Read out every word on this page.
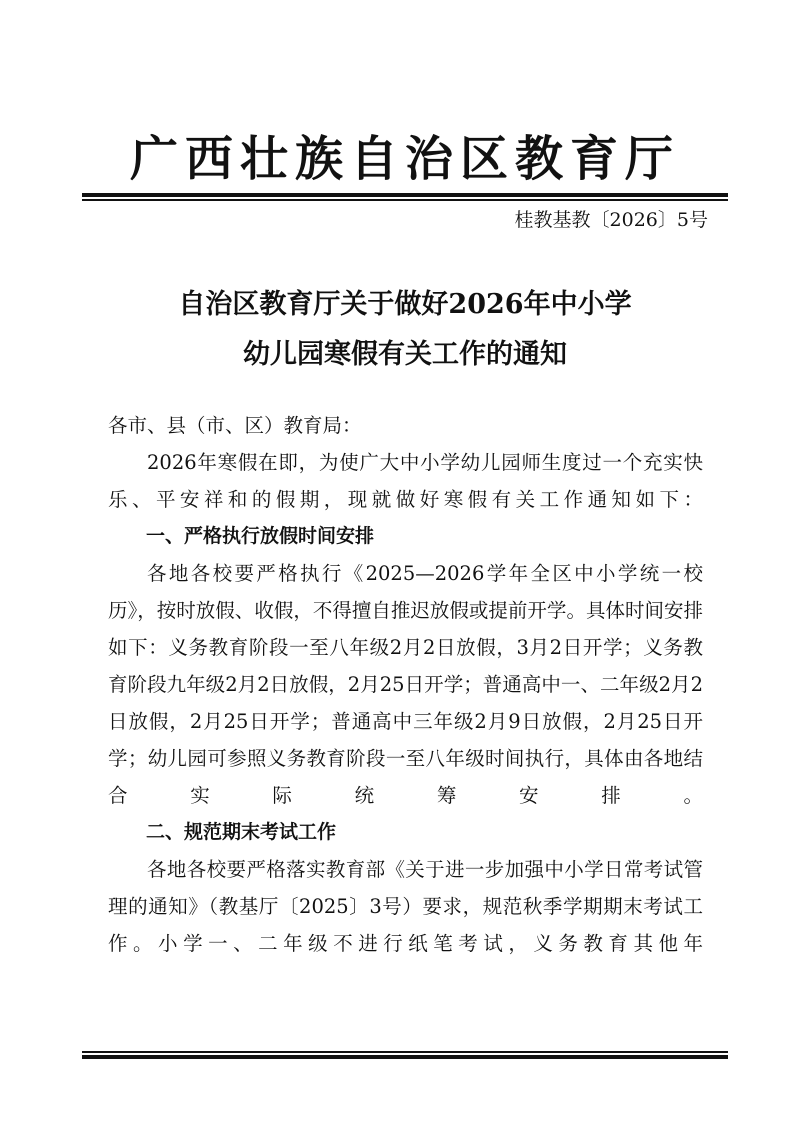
广西壮族自治区教育厅
桂教基教〔2026〕5号
自治区教育厅关于做好2026年中小学
幼儿园寒假有关工作的通知

各市、县（市、区）教育局：

2026年寒假在即，为使广大中小学幼儿园师生度过一个充实快乐、平安祥和的假期，现就做好寒假有关工作通知如下：

一、严格执行放假时间安排

各地各校要严格执行《2025—2026学年全区中小学统一校历》，按时放假、收假，不得擅自推迟放假或提前开学。具体时间安排如下：义务教育阶段一至八年级2月2日放假，3月2日开学；义务教育阶段九年级2月2日放假，2月25日开学；普通高中一、二年级2月2日放假，2月25日开学；普通高中三年级2月9日放假，2月25日开学；幼儿园可参照义务教育阶段一至八年级时间执行，具体由各地结合实际统筹安排。

二、规范期末考试工作

各地各校要严格落实教育部《关于进一步加强中小学日常考试管理的通知》（教基厅〔2025〕3号）要求，规范秋季学期期末考试工作。小学一、二年级不进行纸笔考试，义务教育其他年
